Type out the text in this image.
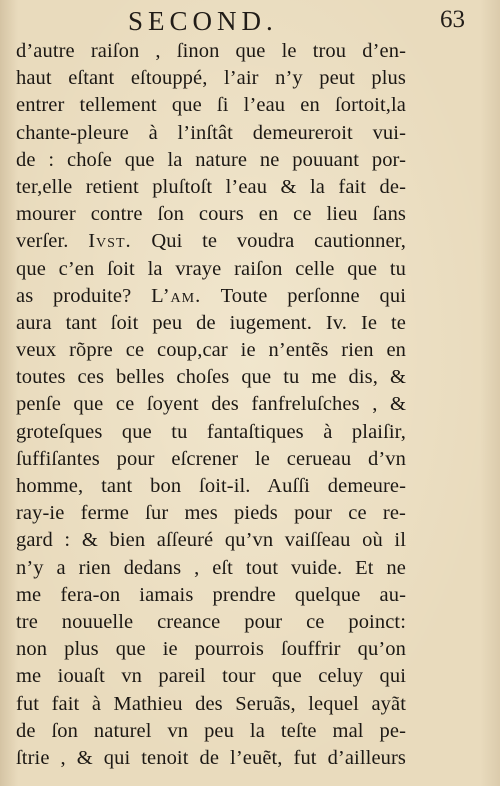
SECOND.	63
d’autre raiſon , ſinon que le trou d’en-
haut eſtant eſtouppé, l’air n’y peut plus
entrer tellement que ſi l’eau en ſortoit,la
chante-pleure à l’inſtât demeureroit vui-
de : choſe que la nature ne pouuant por-
ter,elle retient pluſtoſt l’eau & la fait de-
mourer contre ſon cours en ce lieu ſans
verſer. Ivst. Qui te voudra cautionner,
que c’en ſoit la vraye raiſon celle que tu
as produite? L’am. Toute perſonne qui
aura tant ſoit peu de iugement. Iv. Ie te
veux rõpre ce coup,car ie n’entẽs rien en
toutes ces belles choſes que tu me dis, &
penſe que ce ſoyent des fanfreluſches , &
groteſques que tu fantaſtiques à plaiſir,
ſuffiſantes pour eſcrener le cerueau d’vn
homme, tant bon ſoit-il. Auſſi demeure-
ray-ie ferme ſur mes pieds pour ce re-
gard : & bien aſſeuré qu’vn vaiſſeau où il
n’y a rien dedans , eſt tout vuide. Et ne
me fera-on iamais prendre quelque au-
tre nouuelle creance pour ce poinct:
non plus que ie pourrois ſouffrir qu’on
me iouaſt vn pareil tour que celuy qui
fut fait à Mathieu des Seruãs, lequel ayãt
de ſon naturel vn peu la teſte mal pe-
ſtrie , & qui tenoit de l’euẽt, fut d’ailleurs
